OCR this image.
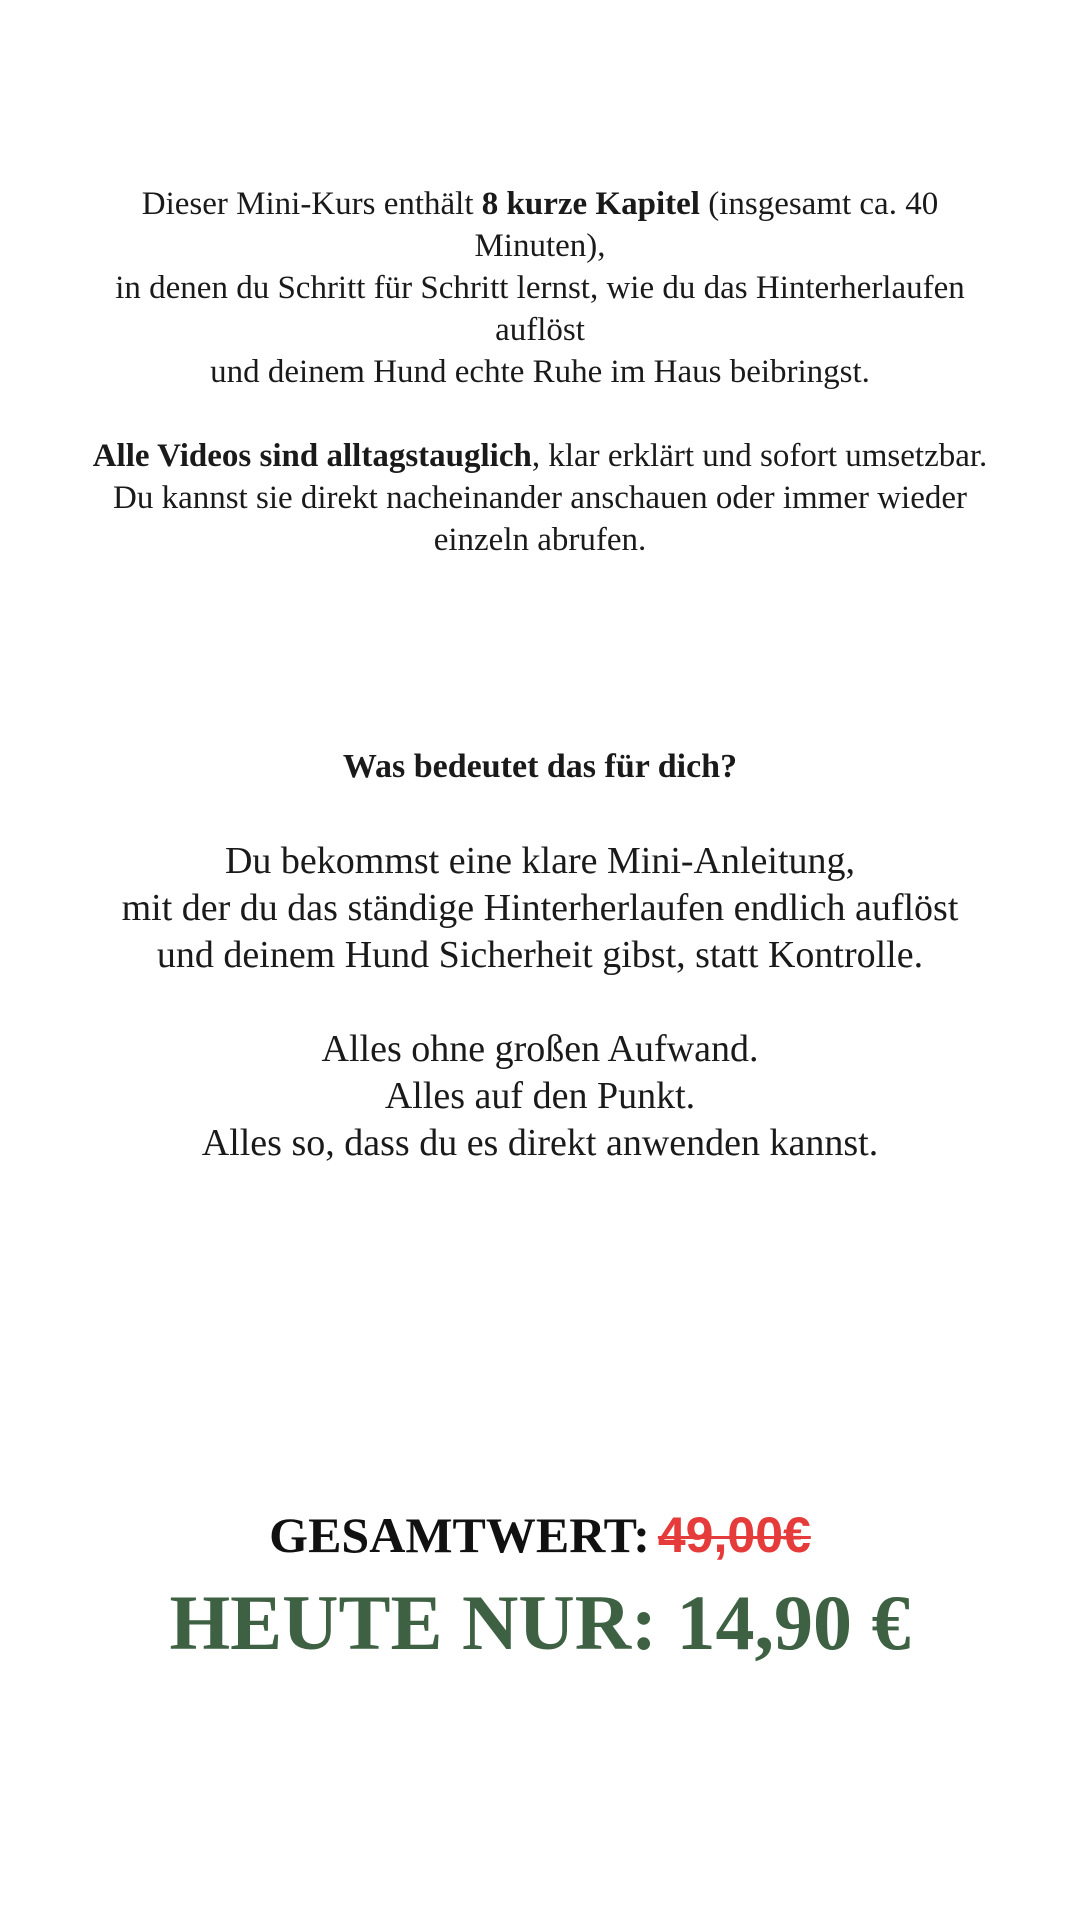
Dieser Mini-Kurs enthält 8 kurze Kapitel (insgesamt ca. 40 Minuten),

in denen du Schritt für Schritt lernst, wie du das Hinterherlaufen auflöst

und deinem Hund echte Ruhe im Haus beibringst.

Alle Videos sind alltagstauglich, klar erklärt und sofort umsetzbar.

Du kannst sie direkt nacheinander anschauen oder immer wieder einzeln abrufen.

Was bedeutet das für dich?

Du bekommst eine klare Mini-Anleitung,

mit der du das ständige Hinterherlaufen endlich auflöst

und deinem Hund Sicherheit gibst, statt Kontrolle.

Alles ohne großen Aufwand.

Alles auf den Punkt.

Alles so, dass du es direkt anwenden kannst.

GESAMTWERT: 49,00€
HEUTE NUR: 14,90 €
